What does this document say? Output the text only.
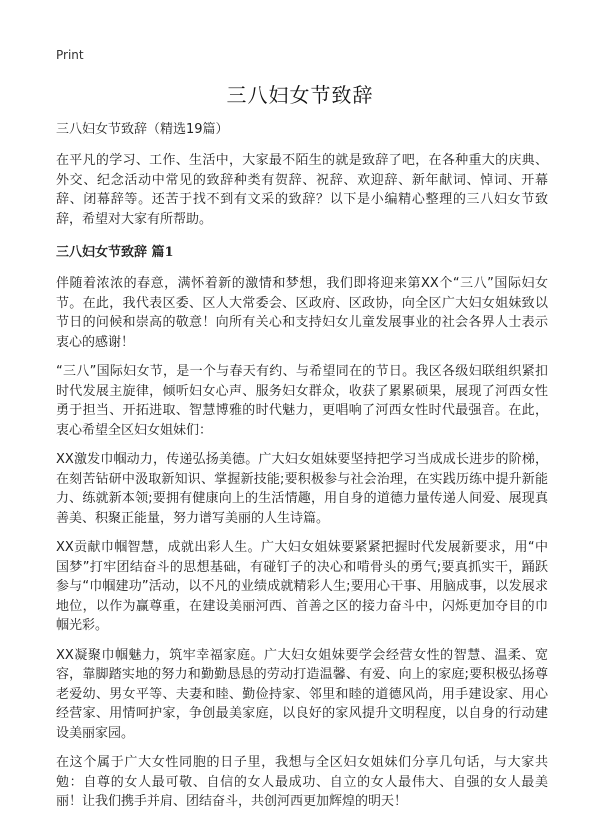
Print
三八妇女节致辞
三八妇女节致辞（精选19篇）

在平凡的学习、工作、生活中，大家最不陌生的就是致辞了吧，在各种重大的庆典、外交、纪念活动中常见的致辞种类有贺辞、祝辞、欢迎辞、新年献词、悼词、开幕辞、闭幕辞等。还苦于找不到有文采的致辞？以下是小编精心整理的三八妇女节致辞，希望对大家有所帮助。

三八妇女节致辞 篇1

伴随着浓浓的春意，满怀着新的激情和梦想，我们即将迎来第XX个“三八”国际妇女节。在此，我代表区委、区人大常委会、区政府、区政协，向全区广大妇女姐妹致以节日的问候和崇高的敬意！向所有关心和支持妇女儿童发展事业的社会各界人士表示衷心的感谢！

“三八”国际妇女节，是一个与春天有约、与希望同在的节日。我区各级妇联组织紧扣时代发展主旋律，倾听妇女心声、服务妇女群众，收获了累累硕果，展现了河西女性勇于担当、开拓进取、智慧博雅的时代魅力，更唱响了河西女性时代最强音。在此，衷心希望全区妇女姐妹们：

XX激发巾帼动力，传递弘扬美德。广大妇女姐妹要坚持把学习当成成长进步的阶梯，在刻苦钻研中汲取新知识、掌握新技能;要积极参与社会治理，在实践历练中提升新能力、练就新本领;要拥有健康向上的生活情趣，用自身的道德力量传递人间爱、展现真善美、积聚正能量，努力谱写美丽的人生诗篇。

XX贡献巾帼智慧，成就出彩人生。广大妇女姐妹要紧紧把握时代发展新要求，用“中国梦”打牢团结奋斗的思想基础，有碰钉子的决心和啃骨头的勇气;要真抓实干，踊跃参与“巾帼建功”活动，以不凡的业绩成就精彩人生;要用心干事、用脑成事，以发展求地位，以作为赢尊重，在建设美丽河西、首善之区的接力奋斗中，闪烁更加夺目的巾帼光彩。

XX凝聚巾帼魅力，筑牢幸福家庭。广大妇女姐妹要学会经营女性的智慧、温柔、宽容，靠脚踏实地的努力和勤勤恳恳的劳动打造温馨、有爱、向上的家庭;要积极弘扬尊老爱幼、男女平等、夫妻和睦、勤俭持家、邻里和睦的道德风尚，用手建设家、用心经营家、用情呵护家，争创最美家庭，以良好的家风提升文明程度，以自身的行动建设美丽家园。

在这个属于广大女性同胞的日子里，我想与全区妇女姐妹们分享几句话，与大家共勉：自尊的女人最可敬、自信的女人最成功、自立的女人最伟大、自强的女人最美丽！让我们携手并肩、团结奋斗，共创河西更加辉煌的明天！
